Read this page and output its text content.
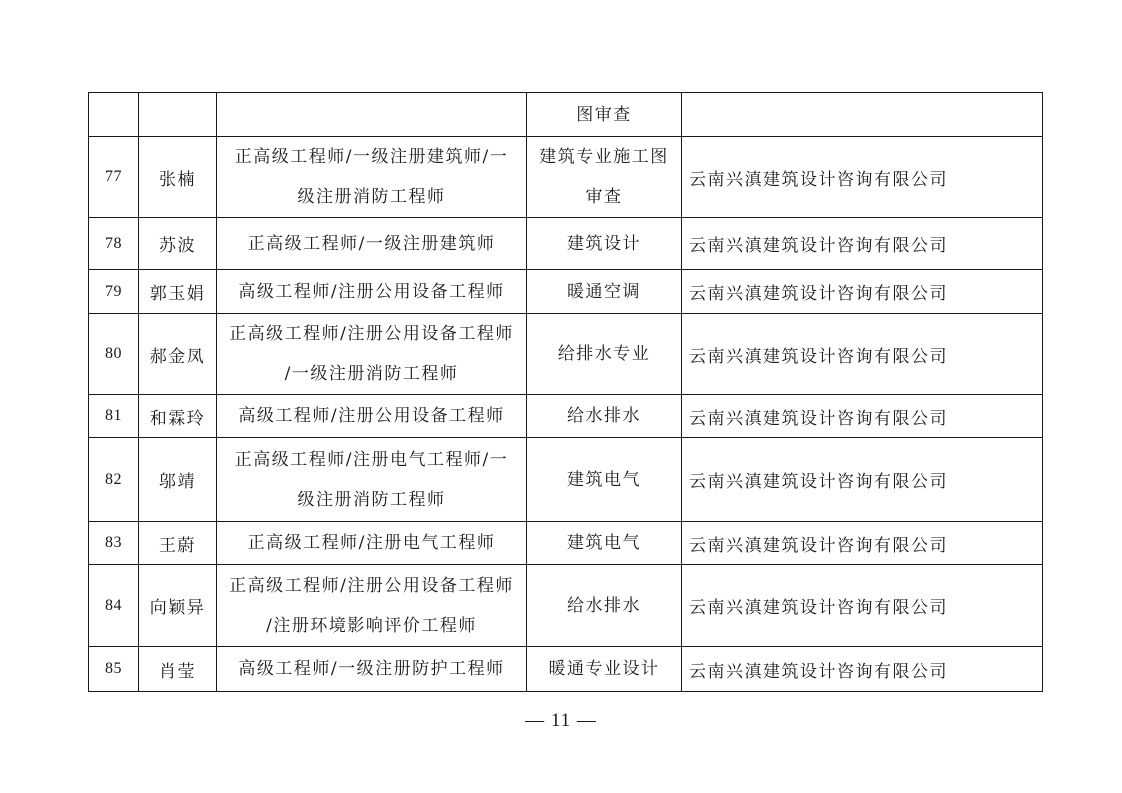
			图审查	

77	张楠	正高级工程师/一级注册建筑师/一
级注册消防工程师	建筑专业施工图
审查	云南兴滇建筑设计咨询有限公司
78	苏波	正高级工程师/一级注册建筑师	建筑设计	云南兴滇建筑设计咨询有限公司
79	郭玉娟	高级工程师/注册公用设备工程师	暖通空调	云南兴滇建筑设计咨询有限公司
80	郝金凤	正高级工程师/注册公用设备工程师
/一级注册消防工程师	给排水专业	云南兴滇建筑设计咨询有限公司
81	和霖玲	高级工程师/注册公用设备工程师	给水排水	云南兴滇建筑设计咨询有限公司
82	邬靖	正高级工程师/注册电气工程师/一
级注册消防工程师	建筑电气	云南兴滇建筑设计咨询有限公司
83	王蔚	正高级工程师/注册电气工程师	建筑电气	云南兴滇建筑设计咨询有限公司
84	向颖异	正高级工程师/注册公用设备工程师
/注册环境影响评价工程师	给水排水	云南兴滇建筑设计咨询有限公司
85	肖莹	高级工程师/一级注册防护工程师	暖通专业设计	云南兴滇建筑设计咨询有限公司
— 11 —
